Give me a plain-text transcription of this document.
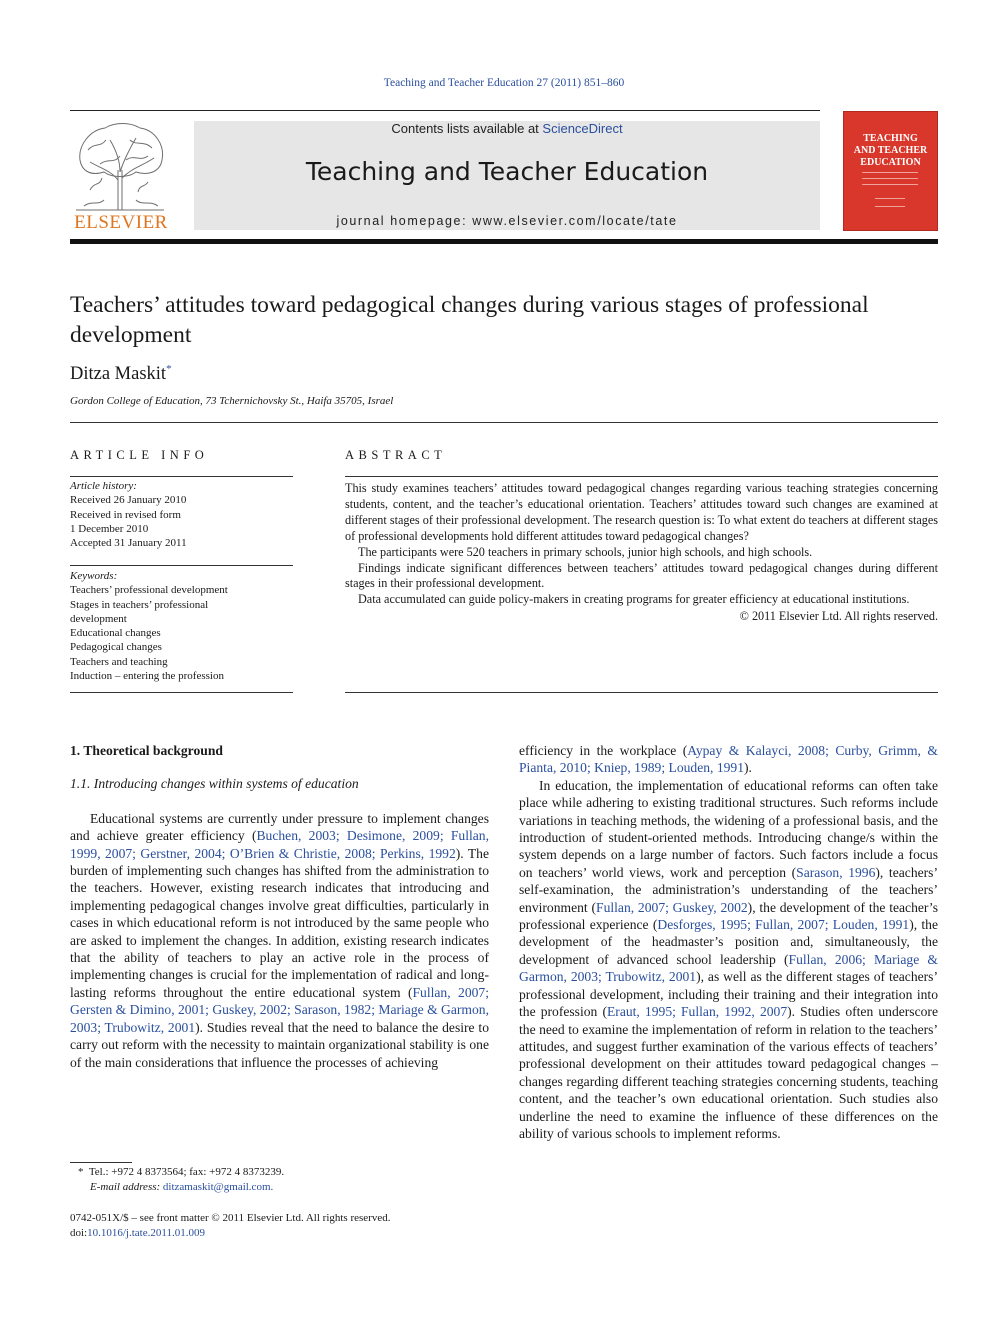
Teaching and Teacher Education 27 (2011) 851–860
ELSEVIER
Contents lists available at ScienceDirect
Teaching and Teacher Education
journal homepage: www.elsevier.com/locate/tate
TEACHING
AND TEACHER
EDUCATION
Teachers’ attitudes toward pedagogical changes during various stages of professional development
Ditza Maskit*
Gordon College of Education, 73 Tchernichovsky St., Haifa 35705, Israel
ARTICLE INFO
Article history:
Received 26 January 2010
Received in revised form
1 December 2010
Accepted 31 January 2011
Keywords:
Teachers’ professional development
Stages in teachers’ professional
development
Educational changes
Pedagogical changes
Teachers and teaching
Induction – entering the profession
ABSTRACT

This study examines teachers’ attitudes toward pedagogical changes regarding various teaching strategies concerning students, content, and the teacher’s educational orientation. Teachers’ attitudes toward such changes are examined at different stages of their professional development. The research question is: To what extent do teachers at different stages of professional developments hold different attitudes toward pedagogical changes?

The participants were 520 teachers in primary schools, junior high schools, and high schools.

Findings indicate significant differences between teachers’ attitudes toward pedagogical changes during different stages in their professional development.

Data accumulated can guide policy-makers in creating programs for greater efficiency at educational institutions.

© 2011 Elsevier Ltd. All rights reserved.

1. Theoretical background
1.1. Introducing changes within systems of education

Educational systems are currently under pressure to implement changes and achieve greater efficiency (Buchen, 2003; Desimone, 2009; Fullan, 1999, 2007; Gerstner, 2004; O’Brien & Christie, 2008; Perkins, 1992). The burden of implementing such changes has shifted from the administration to the teachers. However, existing research indicates that introducing and implementing pedagogical changes involve great difficulties, particularly in cases in which educational reform is not introduced by the same people who are asked to implement the changes. In addition, existing research indicates that the ability of teachers to play an active role in the process of implementing changes is crucial for the implementation of radical and long-lasting reforms throughout the entire educational system (Fullan, 2007; Gersten & Dimino, 2001; Guskey, 2002; Sarason, 1982; Mariage & Garmon, 2003; Trubowitz, 2001). Studies reveal that the need to balance the desire to carry out reform with the necessity to maintain organizational stability is one of the main considerations that influence the processes of achieving

efficiency in the workplace (Aypay & Kalayci, 2008; Curby, Grimm, & Pianta, 2010; Kniep, 1989; Louden, 1991).

In education, the implementation of educational reforms can often take place while adhering to existing traditional structures. Such reforms include variations in teaching methods, the widening of a professional basis, and the introduction of student-oriented methods. Introducing change/s within the system depends on a large number of factors. Such factors include a focus on teachers’ world views, work and perception (Sarason, 1996), teachers’ self-examination, the administration’s understanding of the teachers’ environment (Fullan, 2007; Guskey, 2002), the development of the teacher’s professional experience (Desforges, 1995; Fullan, 2007; Louden, 1991), the development of the headmaster’s position and, simultaneously, the development of advanced school leadership (Fullan, 2006; Mariage & Garmon, 2003; Trubowitz, 2001), as well as the different stages of teachers’ professional development, including their training and their integration into the profession (Eraut, 1995; Fullan, 1992, 2007). Studies often underscore the need to examine the implementation of reform in relation to the teachers’ attitudes, and suggest further examination of the various effects of teachers’ professional development on their attitudes toward pedagogical changes – changes regarding different teaching strategies concerning students, teaching content, and the teacher’s own educational orientation. Such studies also underline the need to examine the influence of these differences on the ability of various schools to implement reforms.

* Tel.: +972 4 8373564; fax: +972 4 8373239.
E-mail address: ditzamaskit@gmail.com.
0742-051X/$ – see front matter © 2011 Elsevier Ltd. All rights reserved.
doi:10.1016/j.tate.2011.01.009
